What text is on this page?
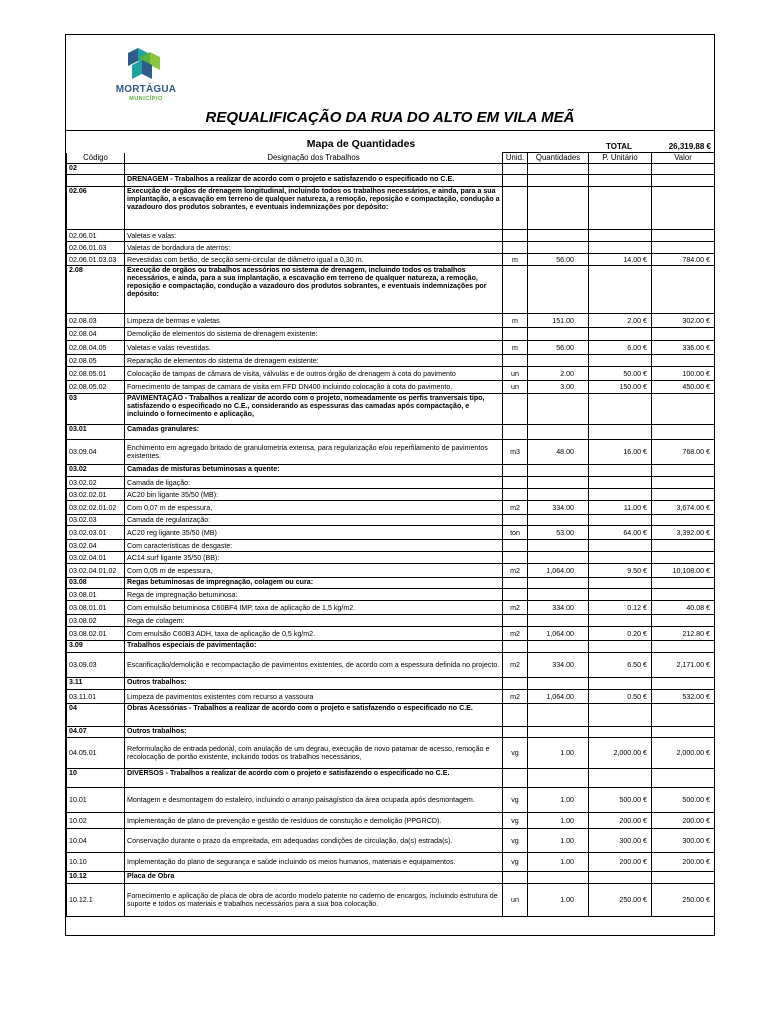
MORTÁGUA
MUNICÍPIO
REQUALIFICAÇÃO DA RUA DO ALTO EM VILA MEÃ
Mapa de Quantidades	TOTAL	26,319.88 €
Código	Designação dos Trabalhos	Unid.	Quantidades	P. Unitário	Valor
02					
	DRENAGEM - Trabalhos a realizar de acordo com o projeto e satisfazendo o especificado no C.E.				
02.06	Execução de orgãos de drenagem longitudinal, incluindo todos os trabalhos necessários, e ainda, para a sua implantação, a escavação em terreno de qualquer natureza, a remoção, reposição e compactação, condução a vazadouro dos produtos sobrantes, e eventuais indemnizações por depósito:				
02.06.01	Valetas e valas:				
02.06.01.03	Valetas de bordadura de aterros:				
02.06.01.03.03	Revestidas com betão, de secção semi-circular de diâmetro igual a 0,30 m.	m	56.00	14.00 €	784.00 €
2.08	Execução de orgãos ou trabalhos acessórios no sistema de drenagem, incluindo todos os trabalhos necessários, e ainda, para a sua implantação, a escavação em terreno de qualquer natureza, a remoção, reposição e compactação, condução a vazadouro dos produtos sobrantes, e eventuais indemnizações por depósito:				
02.08.03	Limpeza de bermas e valetas	m	151.00	2.00 €	302.00 €
02.08.04	Demolição de elementos do sistema de drenagem existente:				
02.08.04.05	Valetas e valas revestidas.	m	56.00	6.00 €	336.00 €
02.08.05	Reparação de elementos do sistema de drenagem existente:				
02.08.05.01	Colocação de tampas de câmara de visita, válvulas e de outros órgão de drenagem à cota do pavimento	un	2.00	50.00 €	100.00 €
02.08.05.02	Fornecimento de tampas de camara de visita em FFD DN400 incluindo colocação à cota do pavimento.	un	3.00	150.00 €	450.00 €
03	PAVIMENTAÇÃO - Trabalhos a realizar de acordo com o projeto, nomeadamente os perfis tranversais tipo, satisfazendo o especificado no C.E., considerando as espessuras das camadas após compactação, e incluindo o fornecimento e aplicação,				
03.01	Camadas granulares:				
03.09.04	Enchimento em agregado britado de granulometria extensa, para regularização e/ou reperfilamento de pavimentos existentes.	m3	48.00	16.00 €	768.00 €
03.02	Camadas de misturas betuminosas a quente:				
03.02.02	Camada de ligação:				
03.02.02.01	AC20 bin ligante 35/50 (MB):				
03.02.02.01.02	Com 0,07 m de espessura,	m2	334.00	11.00 €	3,674.00 €
03.02.03	Camada de regularização:				
03.02.03.01	AC20 reg ligante 35/50 (MB)	ton	53.00	64.00 €	3,392.00 €
03.02.04	Com características de desgaste:				
03.02.04.01	AC14 surf ligante 35/50 (BB):				
03.02.04.01.02	Com 0,05 m de espessura,	m2	1,064.00	9.50 €	10,108.00 €
03.08	Regas betuminosas de impregnação, colagem ou cura:				
03.08.01	Rega de impregnação betuminosa:				
03.08.01.01	Com emulsão betuminosa C60BF4 IMP, taxa de aplicação de 1,5 kg/m2.	m2	334.00	0.12 €	40.08 €
03.08.02	Rega de colagem:				
03.08.02.01	Com emulsão C60B3 ADH, taxa de aplicação de 0,5 kg/m2.	m2	1,064.00	0.20 €	212.80 €
3.09	Trabalhos especiais de pavimentação:				
03.09.03	Escarificação/demolição e recompactação de pavimentos existentes, de acordo com a espessura definida no projecto.	m2	334.00	6.50 €	2,171.00 €
3.11	Outros trabalhos:				
03.11.01	Limpeza de pavimentos existentes com recurso a vassoura	m2	1,064.00	0.50 €	532.00 €
04	Obras Acessórias - Trabalhos a realizar de acordo com o projeto e satisfazendo o especificado no C.E.				
04.07	Outros trabalhos:				
04.05.01	Reformulação de entrada pedonal, com anulação de um degrau, execução de novo patamar de acesso, remoção e recolocação de portão existente, incluindo todos os trabalhos necessários,	vg	1.00	2,000.00 €	2,000.00 €
10	DIVERSOS - Trabalhos a realizar de acordo com o projeto e satisfazendo o especificado no C.E.				
10.01	Montagem e desmontagem do estaleiro, incluindo o arranjo paisagístico da área ocupada após desmontagem.	vg	1.00	500.00 €	500.00 €
10.02	Implementação de plano de prevenção e gestão de resíduos de constução e demolição (PPGRCD).	vg	1.00	200.00 €	200.00 €
10.04	Conservação durante o prazo da empreitada, em adequadas condições de circulação, da(s) estrada(s).	vg	1.00	300.00 €	300.00 €
10.10	Implementação do plano de segurança e saúde incluindo os meios humanos, materiais e equipamentos.	vg	1.00	200.00 €	200.00 €
10.12	Placa de Obra				
10.12.1	Fornecimento e aplicação de placa de obra de acordo modelo patente no caderno de encargos, incluindo estrutura de suporte e todos os materiais e trabalhos necessários para a sua boa colocação.	un	1.00	250.00 €	250.00 €
